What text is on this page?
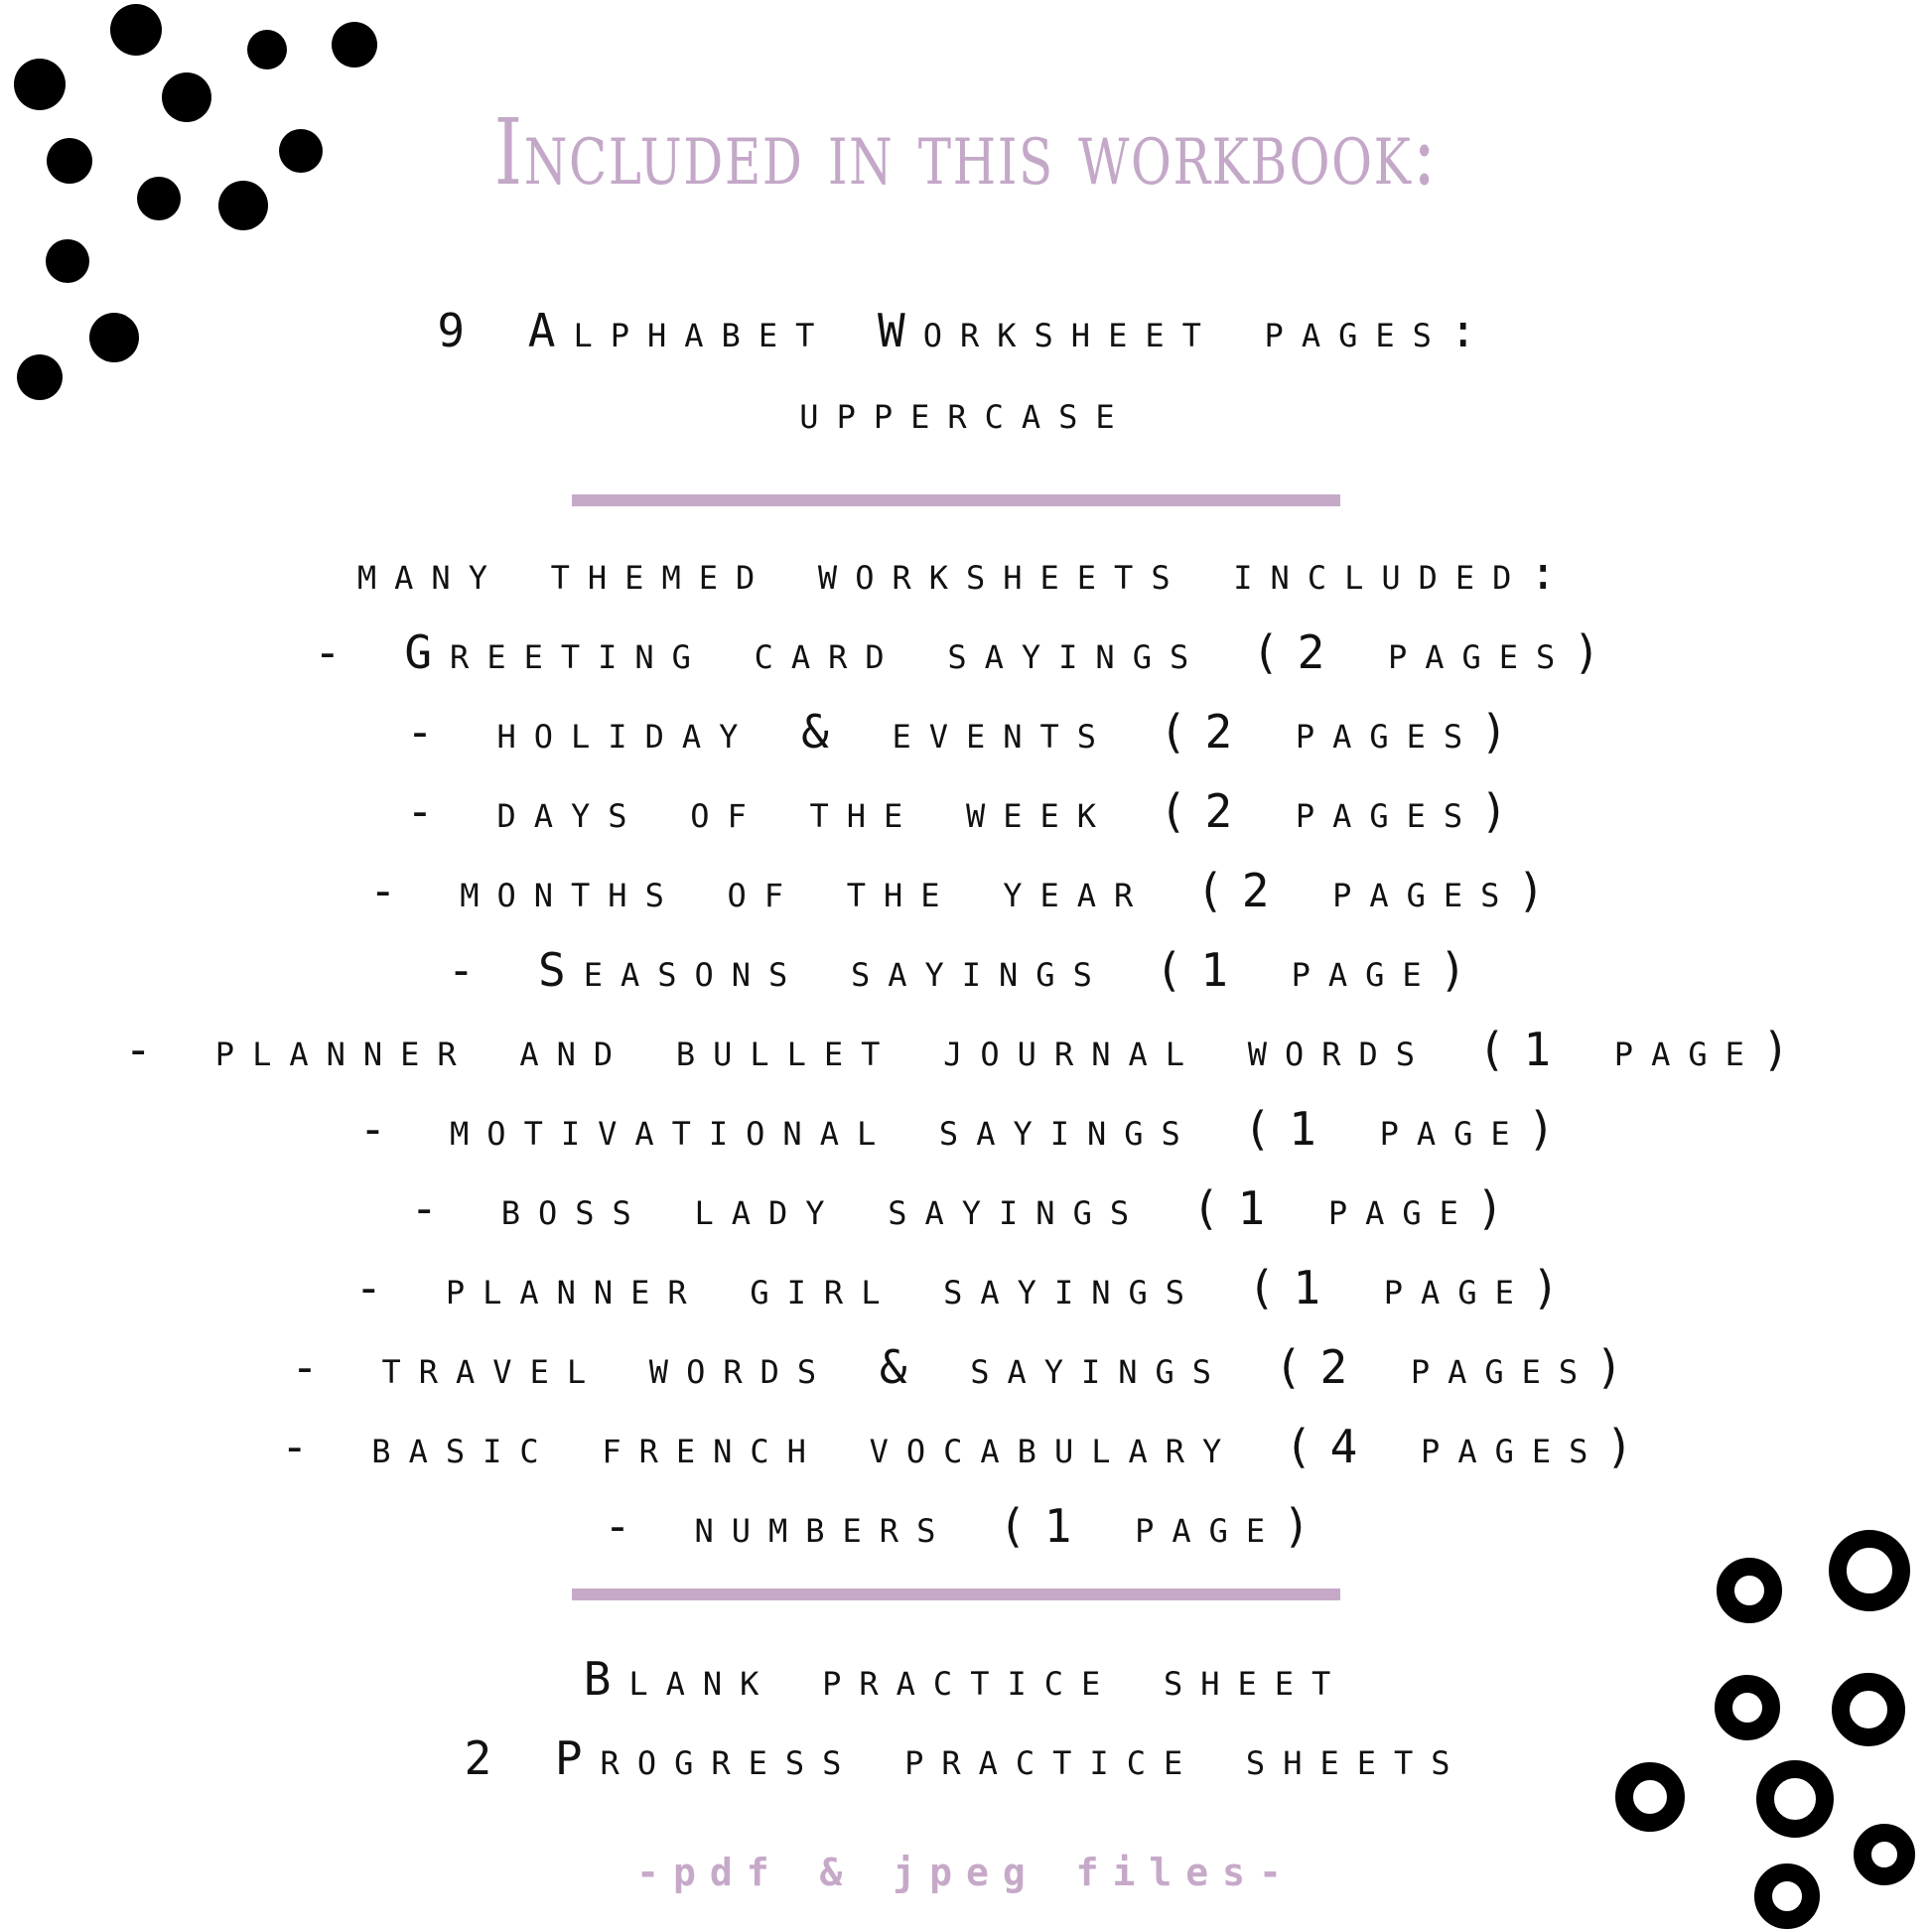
Included in this workbook:
9 Alphabet Worksheet pages:
uppercase
many themed worksheets included:
- Greeting card sayings (2 pages)
- holiday & events (2 pages)
- days of the week (2 pages)
- months of the year (2 pages)
- Seasons sayings (1 page)
- planner and bullet journal words (1 page)
- motivational sayings (1 page)
- boss lady sayings (1 page)
- planner girl sayings (1 page)
- travel words & sayings (2 pages)
- basic french vocabulary (4 pages)
- numbers (1 page)
Blank practice sheet
2 Progress practice sheets
-pdf & jpeg files-
